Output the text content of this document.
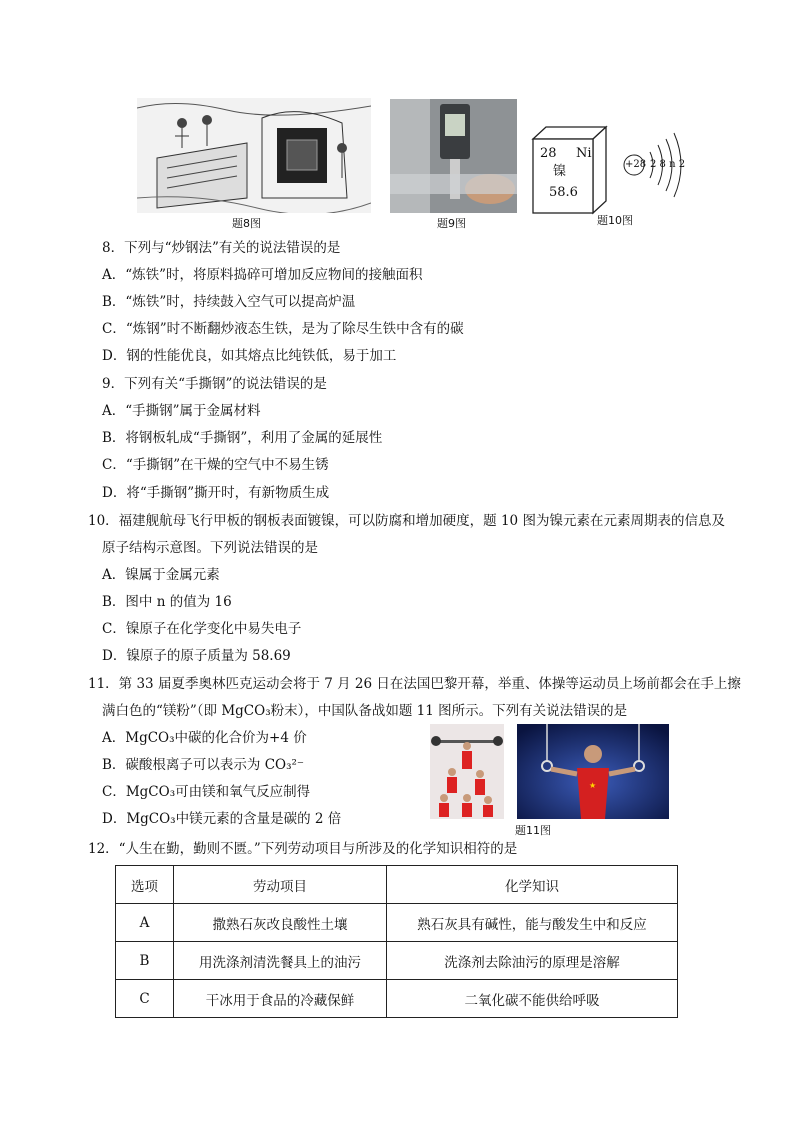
题8图	题9图
28 Ni
镍
58.6
+28 2 8 n 2
题10图
8．下列与“炒钢法”有关的说法错误的是
A．“炼铁”时，将原料捣碎可增加反应物间的接触面积
B．“炼铁”时，持续鼓入空气可以提高炉温
C．“炼钢”时不断翻炒液态生铁，是为了除尽生铁中含有的碳
D．钢的性能优良，如其熔点比纯铁低，易于加工
9．下列有关“手撕钢”的说法错误的是
A．“手撕钢”属于金属材料
B．将钢板轧成“手撕钢”，利用了金属的延展性
C．“手撕钢”在干燥的空气中不易生锈
D．将“手撕钢”撕开时，有新物质生成
10．福建舰航母飞行甲板的钢板表面镀镍，可以防腐和增加硬度，题 10 图为镍元素在元素周期表的信息及
原子结构示意图。下列说法错误的是
A．镍属于金属元素
B．图中 n 的值为 16
C．镍原子在化学变化中易失电子
D．镍原子的原子质量为 58.69
11．第 33 届夏季奥林匹克运动会将于 7 月 26 日在法国巴黎开幕，举重、体操等运动员上场前都会在手上擦
满白色的“镁粉”（即 MgCO₃粉末），中国队备战如题 11 图所示。下列有关说法错误的是
A．MgCO₃中碳的化合价为+4 价
B．碳酸根离子可以表示为 CO₃²⁻
C．MgCO₃可由镁和氧气反应制得
D．MgCO₃中镁元素的含量是碳的 2 倍
★
题11图
12．“人生在勤，勤则不匮。”下列劳动项目与所涉及的化学知识相符的是
选项	劳动项目	化学知识
A	撒熟石灰改良酸性土壤	熟石灰具有碱性，能与酸发生中和反应
B	用洗涤剂清洗餐具上的油污	洗涤剂去除油污的原理是溶解
C	干冰用于食品的冷藏保鲜	二氧化碳不能供给呼吸
